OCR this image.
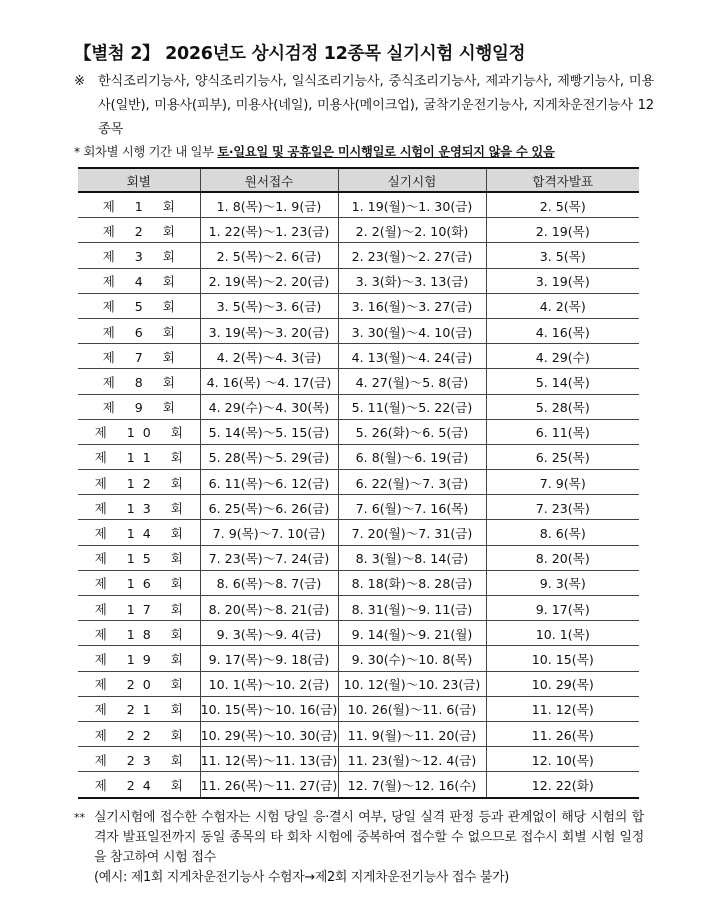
【별첨 2】 2026년도 상시검정 12종목 실기시험 시행일정
※ 한식조리기능사, 양식조리기능사, 일식조리기능사, 중식조리기능사, 제과기능사, 제빵기능사, 미용사(일반), 미용사(피부), 미용사(네일), 미용사(메이크업), 굴착기운전기능사, 지게차운전기능사 12종목
* 회차별 시행 기간 내 일부 토·일요일 및 공휴일은 미시행일로 시험이 운영되지 않을 수 있음
회별	원서접수	실기시험	합격자발표
제 1 회	1. 8(목)～1. 9(금)	1. 19(월)～1. 30(금)	2. 5(목)
제 2 회	1. 22(목)～1. 23(금)	2. 2(월)～2. 10(화)	2. 19(목)
제 3 회	2. 5(목)～2. 6(금)	2. 23(월)～2. 27(금)	3. 5(목)
제 4 회	2. 19(목)～2. 20(금)	3. 3(화)～3. 13(금)	3. 19(목)
제 5 회	3. 5(목)～3. 6(금)	3. 16(월)～3. 27(금)	4. 2(목)
제 6 회	3. 19(목)～3. 20(금)	3. 30(월)～4. 10(금)	4. 16(목)
제 7 회	4. 2(목)～4. 3(금)	4. 13(월)～4. 24(금)	4. 29(수)
제 8 회	4. 16(목) ～4. 17(금)	4. 27(월)～5. 8(금)	5. 14(목)
제 9 회	4. 29(수)～4. 30(목)	5. 11(월)～5. 22(금)	5. 28(목)
제 10 회	5. 14(목)～5. 15(금)	5. 26(화)～6. 5(금)	6. 11(목)
제 11 회	5. 28(목)～5. 29(금)	6. 8(월)～6. 19(금)	6. 25(목)
제 12 회	6. 11(목)～6. 12(금)	6. 22(월)～7. 3(금)	7. 9(목)
제 13 회	6. 25(목)～6. 26(금)	7. 6(월)～7. 16(목)	7. 23(목)
제 14 회	7. 9(목)～7. 10(금)	7. 20(월)～7. 31(금)	8. 6(목)
제 15 회	7. 23(목)～7. 24(금)	8. 3(월)～8. 14(금)	8. 20(목)
제 16 회	8. 6(목)～8. 7(금)	8. 18(화)～8. 28(금)	9. 3(목)
제 17 회	8. 20(목)～8. 21(금)	8. 31(월)～9. 11(금)	9. 17(목)
제 18 회	9. 3(목)～9. 4(금)	9. 14(월)～9. 21(월)	10. 1(목)
제 19 회	9. 17(목)～9. 18(금)	9. 30(수)～10. 8(목)	10. 15(목)
제 20 회	10. 1(목)～10. 2(금)	10. 12(월)～10. 23(금)	10. 29(목)
제 21 회	10. 15(목)～10. 16(금)	10. 26(월)～11. 6(금)	11. 12(목)
제 22 회	10. 29(목)～10. 30(금)	11. 9(월)～11. 20(금)	11. 26(목)
제 23 회	11. 12(목)～11. 13(금)	11. 23(월)～12. 4(금)	12. 10(목)
제 24 회	11. 26(목)～11. 27(금)	12. 7(월)～12. 16(수)	12. 22(화)
** 실기시험에 접수한 수험자는 시험 당일 응·결시 여부, 당일 실격 판정 등과 관계없이 해당 시험의 합격자 발표일전까지 동일 종목의 타 회차 시험에 중복하여 접수할 수 없으므로 접수시 회별 시험 일정을 참고하여 시험 접수
(예시: 제1회 지게차운전기능사 수험자→제2회 지게차운전기능사 접수 불가)
